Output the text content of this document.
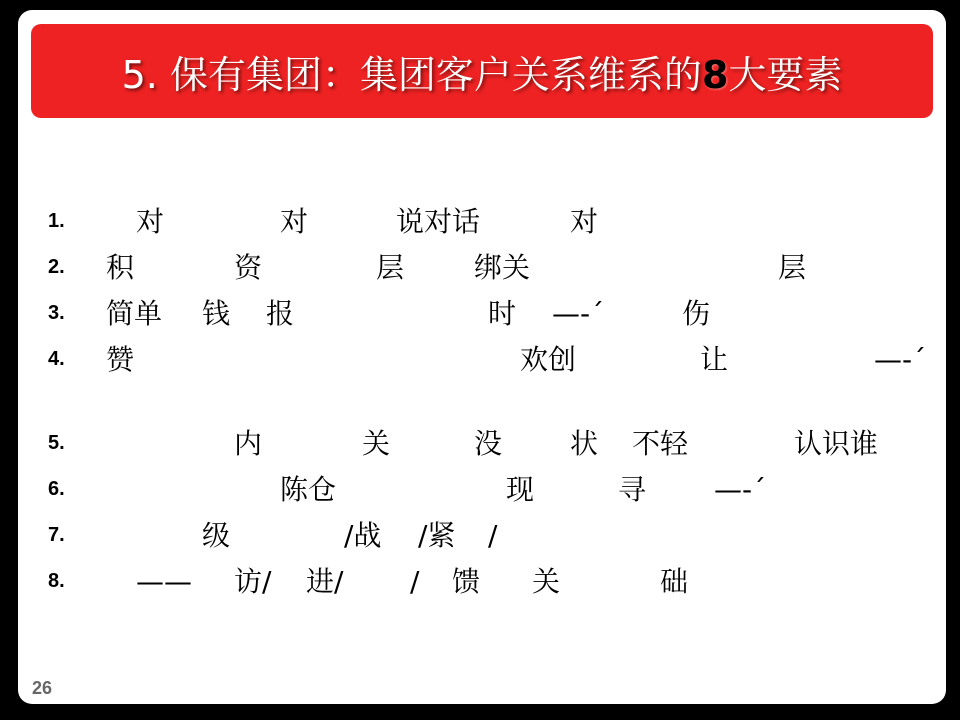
5. 保有集团：集团客户关系维系的8大要素
1.	对	对	说对话	对
2. 积	资	层 绑关	层
3. 简单 钱 报	时 —‐ˊ	伤
4. 赞	欢创	让	—‐ˊ
5.	内	关	没 状 不轻	认识谁
6.	陈仓	现	寻 —‐ˊ
7.	级	/战 /紧 /
8.	—— 访/ 进/ / 馈 关	础
26
